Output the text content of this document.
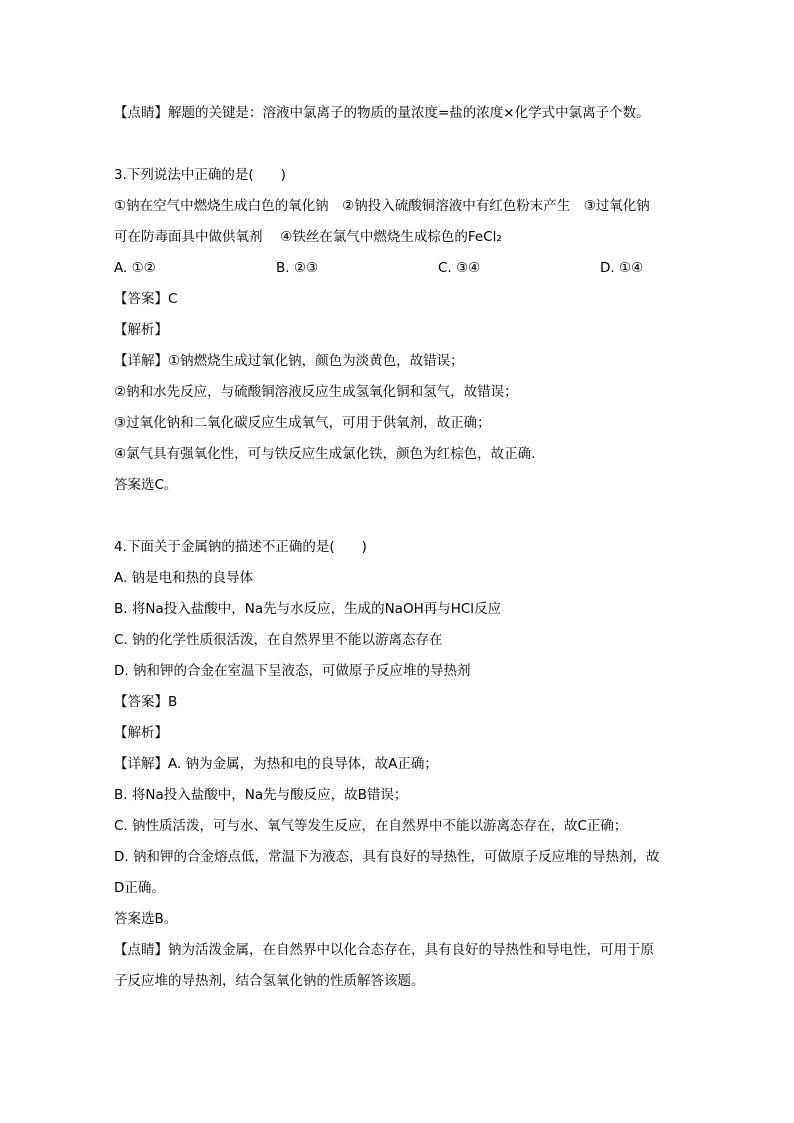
【点睛】解题的关键是：溶液中氯离子的物质的量浓度=盐的浓度×化学式中氯离子个数。
3.下列说法中正确的是(　　)
①钠在空气中燃烧生成白色的氧化钠　②钠投入硫酸铜溶液中有红色粉末产生　③过氧化钠
可在防毒面具中做供氧剂　 ④铁丝在氯气中燃烧生成棕色的FeCl₂
A. ①②	B. ②③	C. ③④	D. ①④
【答案】C
【解析】
【详解】①钠燃烧生成过氧化钠，颜色为淡黄色，故错误；
②钠和水先反应，与硫酸铜溶液反应生成氢氧化铜和氢气，故错误；
③过氧化钠和二氧化碳反应生成氧气，可用于供氧剂，故正确；
④氯气具有强氧化性，可与铁反应生成氯化铁，颜色为红棕色，故正确.
答案选C。
4.下面关于金属钠的描述不正确的是(　　)
A. 钠是电和热的良导体
B. 将Na投入盐酸中，Na先与水反应，生成的NaOH再与HCl反应
C. 钠的化学性质很活泼，在自然界里不能以游离态存在
D. 钠和钾的合金在室温下呈液态，可做原子反应堆的导热剂
【答案】B
【解析】
【详解】A. 钠为金属，为热和电的良导体，故A正确；
B. 将Na投入盐酸中，Na先与酸反应，故B错误；
C. 钠性质活泼，可与水、氧气等发生反应，在自然界中不能以游离态存在，故C正确；
D. 钠和钾的合金熔点低，常温下为液态，具有良好的导热性，可做原子反应堆的导热剂，故
D正确。
答案选B。
【点睛】钠为活泼金属，在自然界中以化合态存在，具有良好的导热性和导电性，可用于原
子反应堆的导热剂，结合氢氧化钠的性质解答该题。
